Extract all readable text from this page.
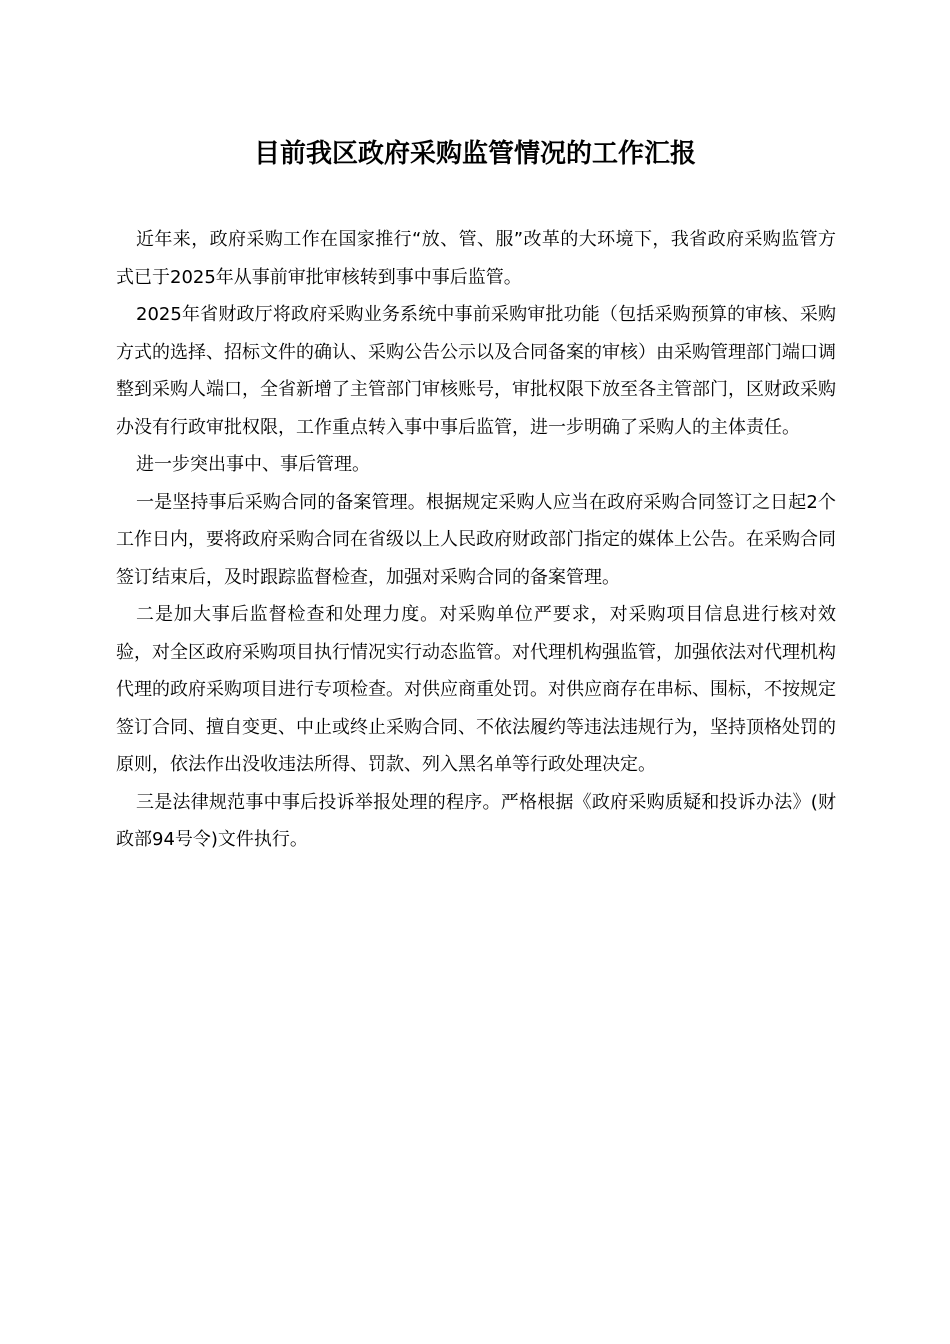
目前我区政府采购监管情况的工作汇报

近年来，政府采购工作在国家推行“放、管、服”改革的大环境下，我省政府采购监管方式已于2025年从事前审批审核转到事中事后监管。

2025年省财政厅将政府采购业务系统中事前采购审批功能（包括采购预算的审核、采购方式的选择、招标文件的确认、采购公告公示以及合同备案的审核）由采购管理部门端口调整到采购人端口，全省新增了主管部门审核账号，审批权限下放至各主管部门，区财政采购办没有行政审批权限，工作重点转入事中事后监管，进一步明确了采购人的主体责任。

进一步突出事中、事后管理。

一是坚持事后采购合同的备案管理。根据规定采购人应当在政府采购合同签订之日起2个工作日内，要将政府采购合同在省级以上人民政府财政部门指定的媒体上公告。在采购合同签订结束后，及时跟踪监督检查，加强对采购合同的备案管理。

二是加大事后监督检查和处理力度。对采购单位严要求，对采购项目信息进行核对效验，对全区政府采购项目执行情况实行动态监管。对代理机构强监管，加强依法对代理机构代理的政府采购项目进行专项检查。对供应商重处罚。对供应商存在串标、围标，不按规定签订合同、擅自变更、中止或终止采购合同、不依法履约等违法违规行为，坚持顶格处罚的原则，依法作出没收违法所得、罚款、列入黑名单等行政处理决定。

三是法律规范事中事后投诉举报处理的程序。严格根据《政府采购质疑和投诉办法》(财政部94号令)文件执行。
